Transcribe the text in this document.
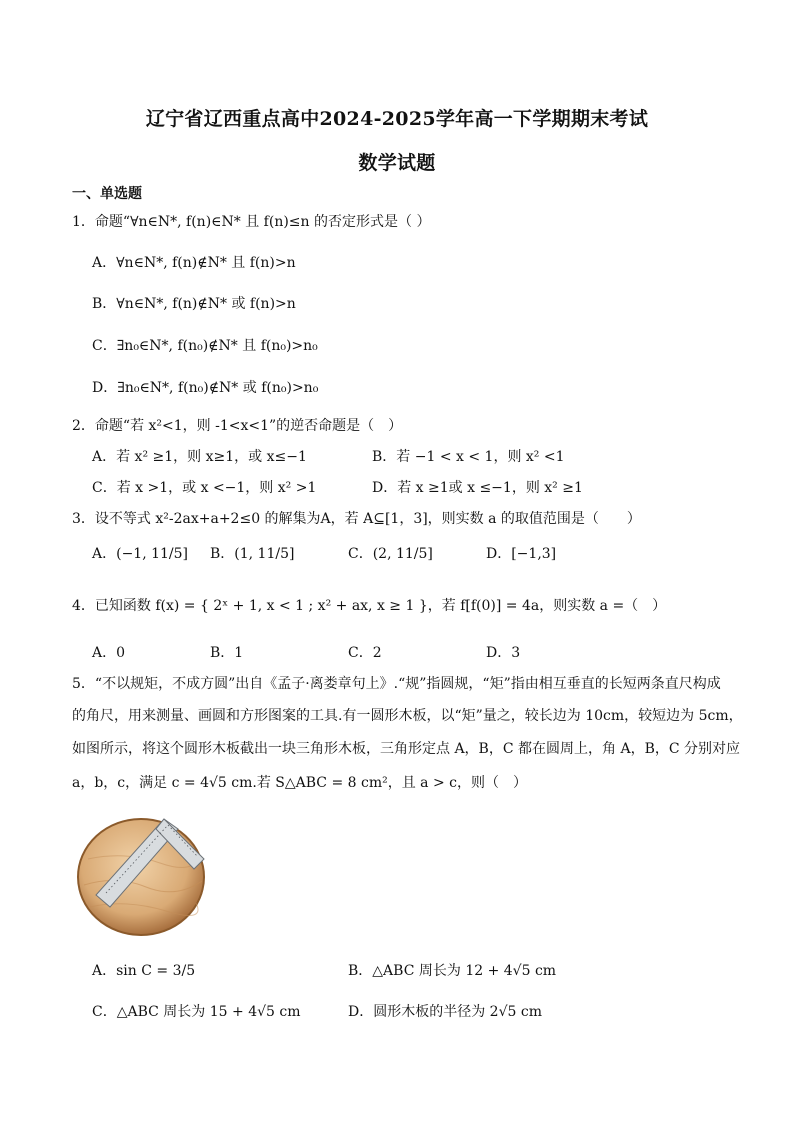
辽宁省辽西重点高中2024-2025学年高一下学期期末考试
数学试题
一、单选题
1．命题“∀n∈N*, f(n)∈N* 且 f(n)≤n 的否定形式是（ ）
A．∀n∈N*, f(n)∉N* 且 f(n)>n
B．∀n∈N*, f(n)∉N* 或 f(n)>n
C．∃n₀∈N*, f(n₀)∉N* 且 f(n₀)>n₀
D．∃n₀∈N*, f(n₀)∉N* 或 f(n₀)>n₀
2．命题“若 x²<1，则 -1<x<1”的逆否命题是（　）
A．若 x² ≥1，则 x≥1，或 x≤−1	B．若 −1 < x < 1，则 x² <1
C．若 x >1，或 x <−1，则 x² >1	D．若 x ≥1或 x ≤−1，则 x² ≥1
3．设不等式 x²-2ax+a+2≤0 的解集为A，若 A⊆[1，3]，则实数 a 的取值范围是（　　）
A．(−1, 11/5] B．(1, 11/5]	C．(2, 11/5]	D．[−1,3]
4．已知函数 f(x) = { 2ˣ + 1, x < 1 ; x² + ax, x ≥ 1 }，若 f[f(0)] = 4a，则实数 a =（　）
A．0	B．1	C．2	D．3
5．“不以规矩，不成方圆”出自《孟子·离娄章句上》.“规”指圆规，“矩”指由相互垂直的长短两条直尺构成
的角尺，用来测量、画圆和方形图案的工具.有一圆形木板，以“矩”量之，较长边为 10cm，较短边为 5cm，
如图所示，将这个圆形木板截出一块三角形木板，三角形定点 A，B，C 都在圆周上，角 A，B，C 分别对应
a，b，c，满足 c = 4√5 cm.若 S△ABC = 8 cm²，且 a > c，则（　）
A．sin C = 3/5	B．△ABC 周长为 12 + 4√5 cm
C．△ABC 周长为 15 + 4√5 cm	D．圆形木板的半径为 2√5 cm
